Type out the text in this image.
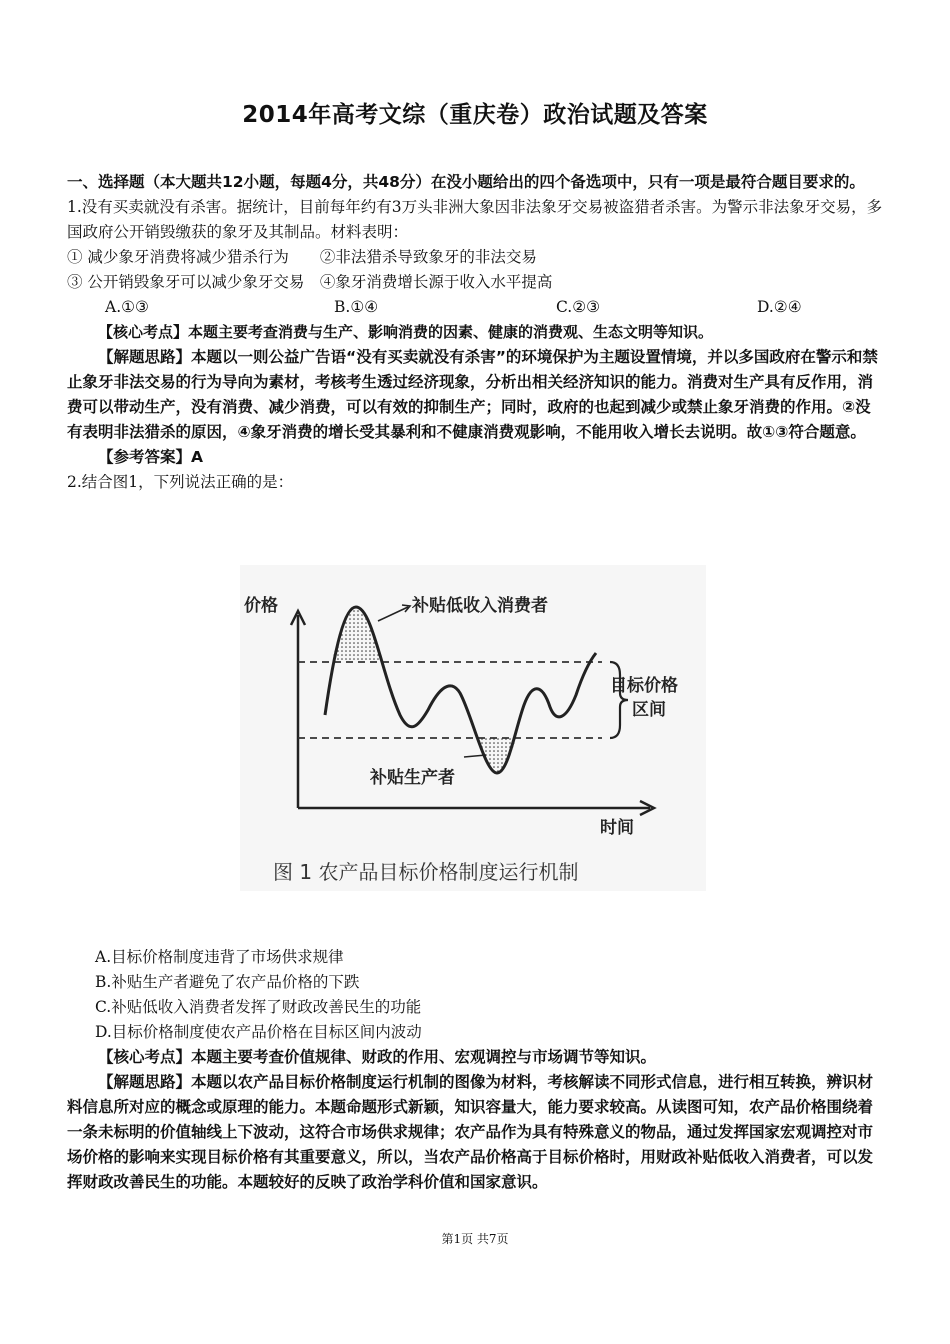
2014年高考文综（重庆卷）政治试题及答案

一、选择题（本大题共12小题，每题4分，共48分）在没小题给出的四个备选项中，只有一项是最符合题目要求的。

1.没有买卖就没有杀害。据统计，目前每年约有3万头非洲大象因非法象牙交易被盗猎者杀害。为警示非法象牙交易，多国政府公开销毁缴获的象牙及其制品。材料表明：

① 减少象牙消费将减少猎杀行为　　②非法猎杀导致象牙的非法交易

③ 公开销毁象牙可以减少象牙交易　④象牙消费增长源于收入水平提高

A.①③	B.①④	C.②③	D.②④

【核心考点】本题主要考查消费与生产、影响消费的因素、健康的消费观、生态文明等知识。

【解题思路】本题以一则公益广告语“没有买卖就没有杀害”的环境保护为主题设置情境，并以多国政府在警示和禁止象牙非法交易的行为导向为素材，考核考生透过经济现象，分析出相关经济知识的能力。消费对生产具有反作用，消费可以带动生产，没有消费、减少消费，可以有效的抑制生产；同时，政府的也起到减少或禁止象牙消费的作用。②没有表明非法猎杀的原因，④象牙消费的增长受其暴利和不健康消费观影响，不能用收入增长去说明。故①③符合题意。

【参考答案】A

2.结合图1，下列说法正确的是：

价格
时间
补贴低收入消费者
目标价格
区间
补贴生产者
图 1 农产品目标价格制度运行机制

A.目标价格制度违背了市场供求规律

B.补贴生产者避免了农产品价格的下跌

C.补贴低收入消费者发挥了财政改善民生的功能

D.目标价格制度使农产品价格在目标区间内波动

【核心考点】本题主要考查价值规律、财政的作用、宏观调控与市场调节等知识。

【解题思路】本题以农产品目标价格制度运行机制的图像为材料，考核解读不同形式信息，进行相互转换，辨识材料信息所对应的概念或原理的能力。本题命题形式新颖，知识容量大，能力要求较高。从读图可知，农产品价格围绕着一条未标明的价值轴线上下波动，这符合市场供求规律；农产品作为具有特殊意义的物品，通过发挥国家宏观调控对市场价格的影响来实现目标价格有其重要意义，所以，当农产品价格高于目标价格时，用财政补贴低收入消费者，可以发挥财政改善民生的功能。本题较好的反映了政治学科价值和国家意识。

第1页 共7页
